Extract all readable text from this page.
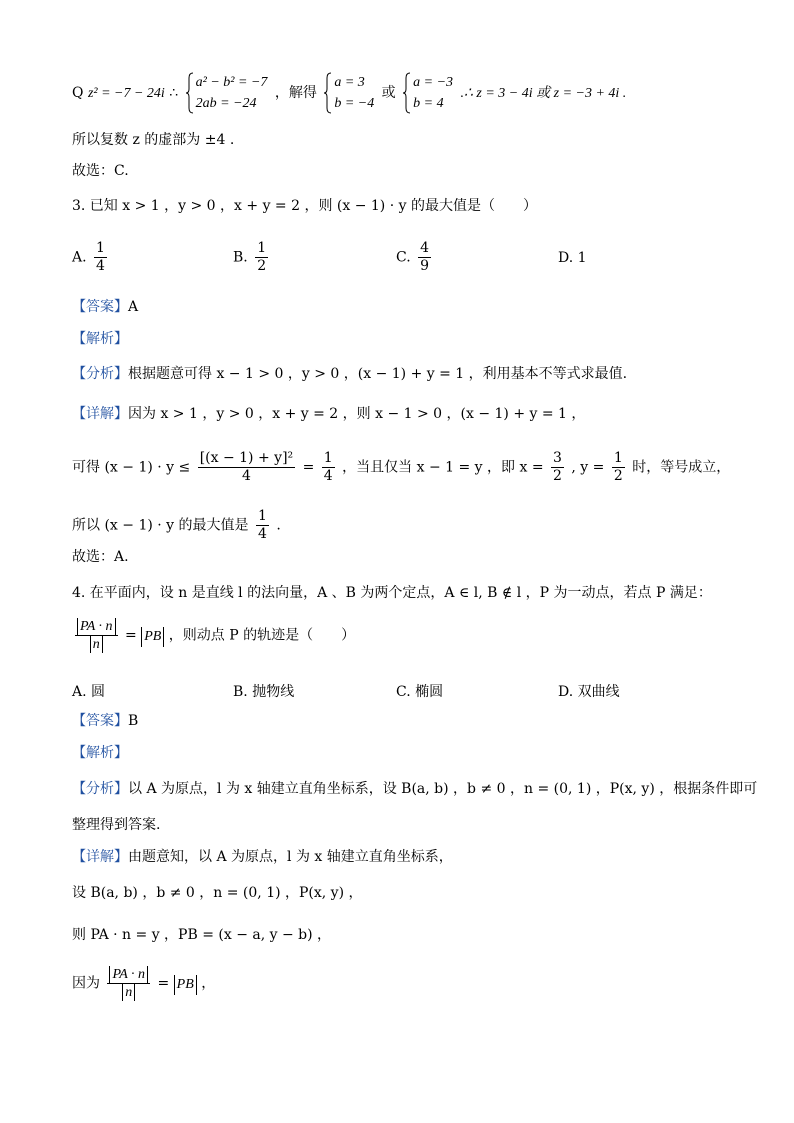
Q z² = −7 − 24i ∴
a² − b² = −7
2ab = −24
，解得
a = 3
b = −4
或
a = −3
b = 4
.∴ z = 3 − 4i 或 z = −3 + 4i .
所以复数 z 的虚部为 ±4 .
故选：C.
3. 已知 x > 1 ，y > 0 ，x + y = 2 ，则 (x − 1) · y 的最大值是（　　）
A. $\frac{1}{4}$	B. $\frac{1}{2}$	C. $\frac{4}{9}$	D. 1
【答案】A
【解析】
【分析】根据题意可得 x − 1 > 0 ，y > 0 ，(x − 1) + y = 1 ，利用基本不等式求最值.
【详解】因为 x > 1 ，y > 0 ，x + y = 2 ，则 x − 1 > 0 ，(x − 1) + y = 1 ，
可得 $(x - 1) \cdot y \le \frac{\text{[(x − 1) + y]²}}{4} = \frac{1}{4}$ ，当且仅当 x − 1 = y ，即 $x = \frac{3}{2}$ , $y = \frac{1}{2}$ 时，等号成立，
所以 (x − 1) · y 的最大值是 $\frac{1}{4}$ .
故选：A.
4. 在平面内，设 n 是直线 l 的法向量，A 、B 为两个定点，A ∈ l, B ∉ l ，P 为一动点，若点 P 满足：
$\frac{PA \cdot n}{n}$ = PB ，则动点 P 的轨迹是（　　）
A. 圆	B. 抛物线	C. 椭圆	D. 双曲线
【答案】B
【解析】
【分析】以 A 为原点，l 为 x 轴建立直角坐标系，设 B(a, b) ，b ≠ 0 ，n = (0, 1) ，P(x, y) ，根据条件即可
整理得到答案.
【详解】由题意知，以 A 为原点，l 为 x 轴建立直角坐标系，
设 B(a, b) ，b ≠ 0 ，n = (0, 1) ，P(x, y) ，
则 PA · n = y ，PB = (x − a, y − b) ，
因为 $\frac{PA \cdot n}{n}$ = PB ，
